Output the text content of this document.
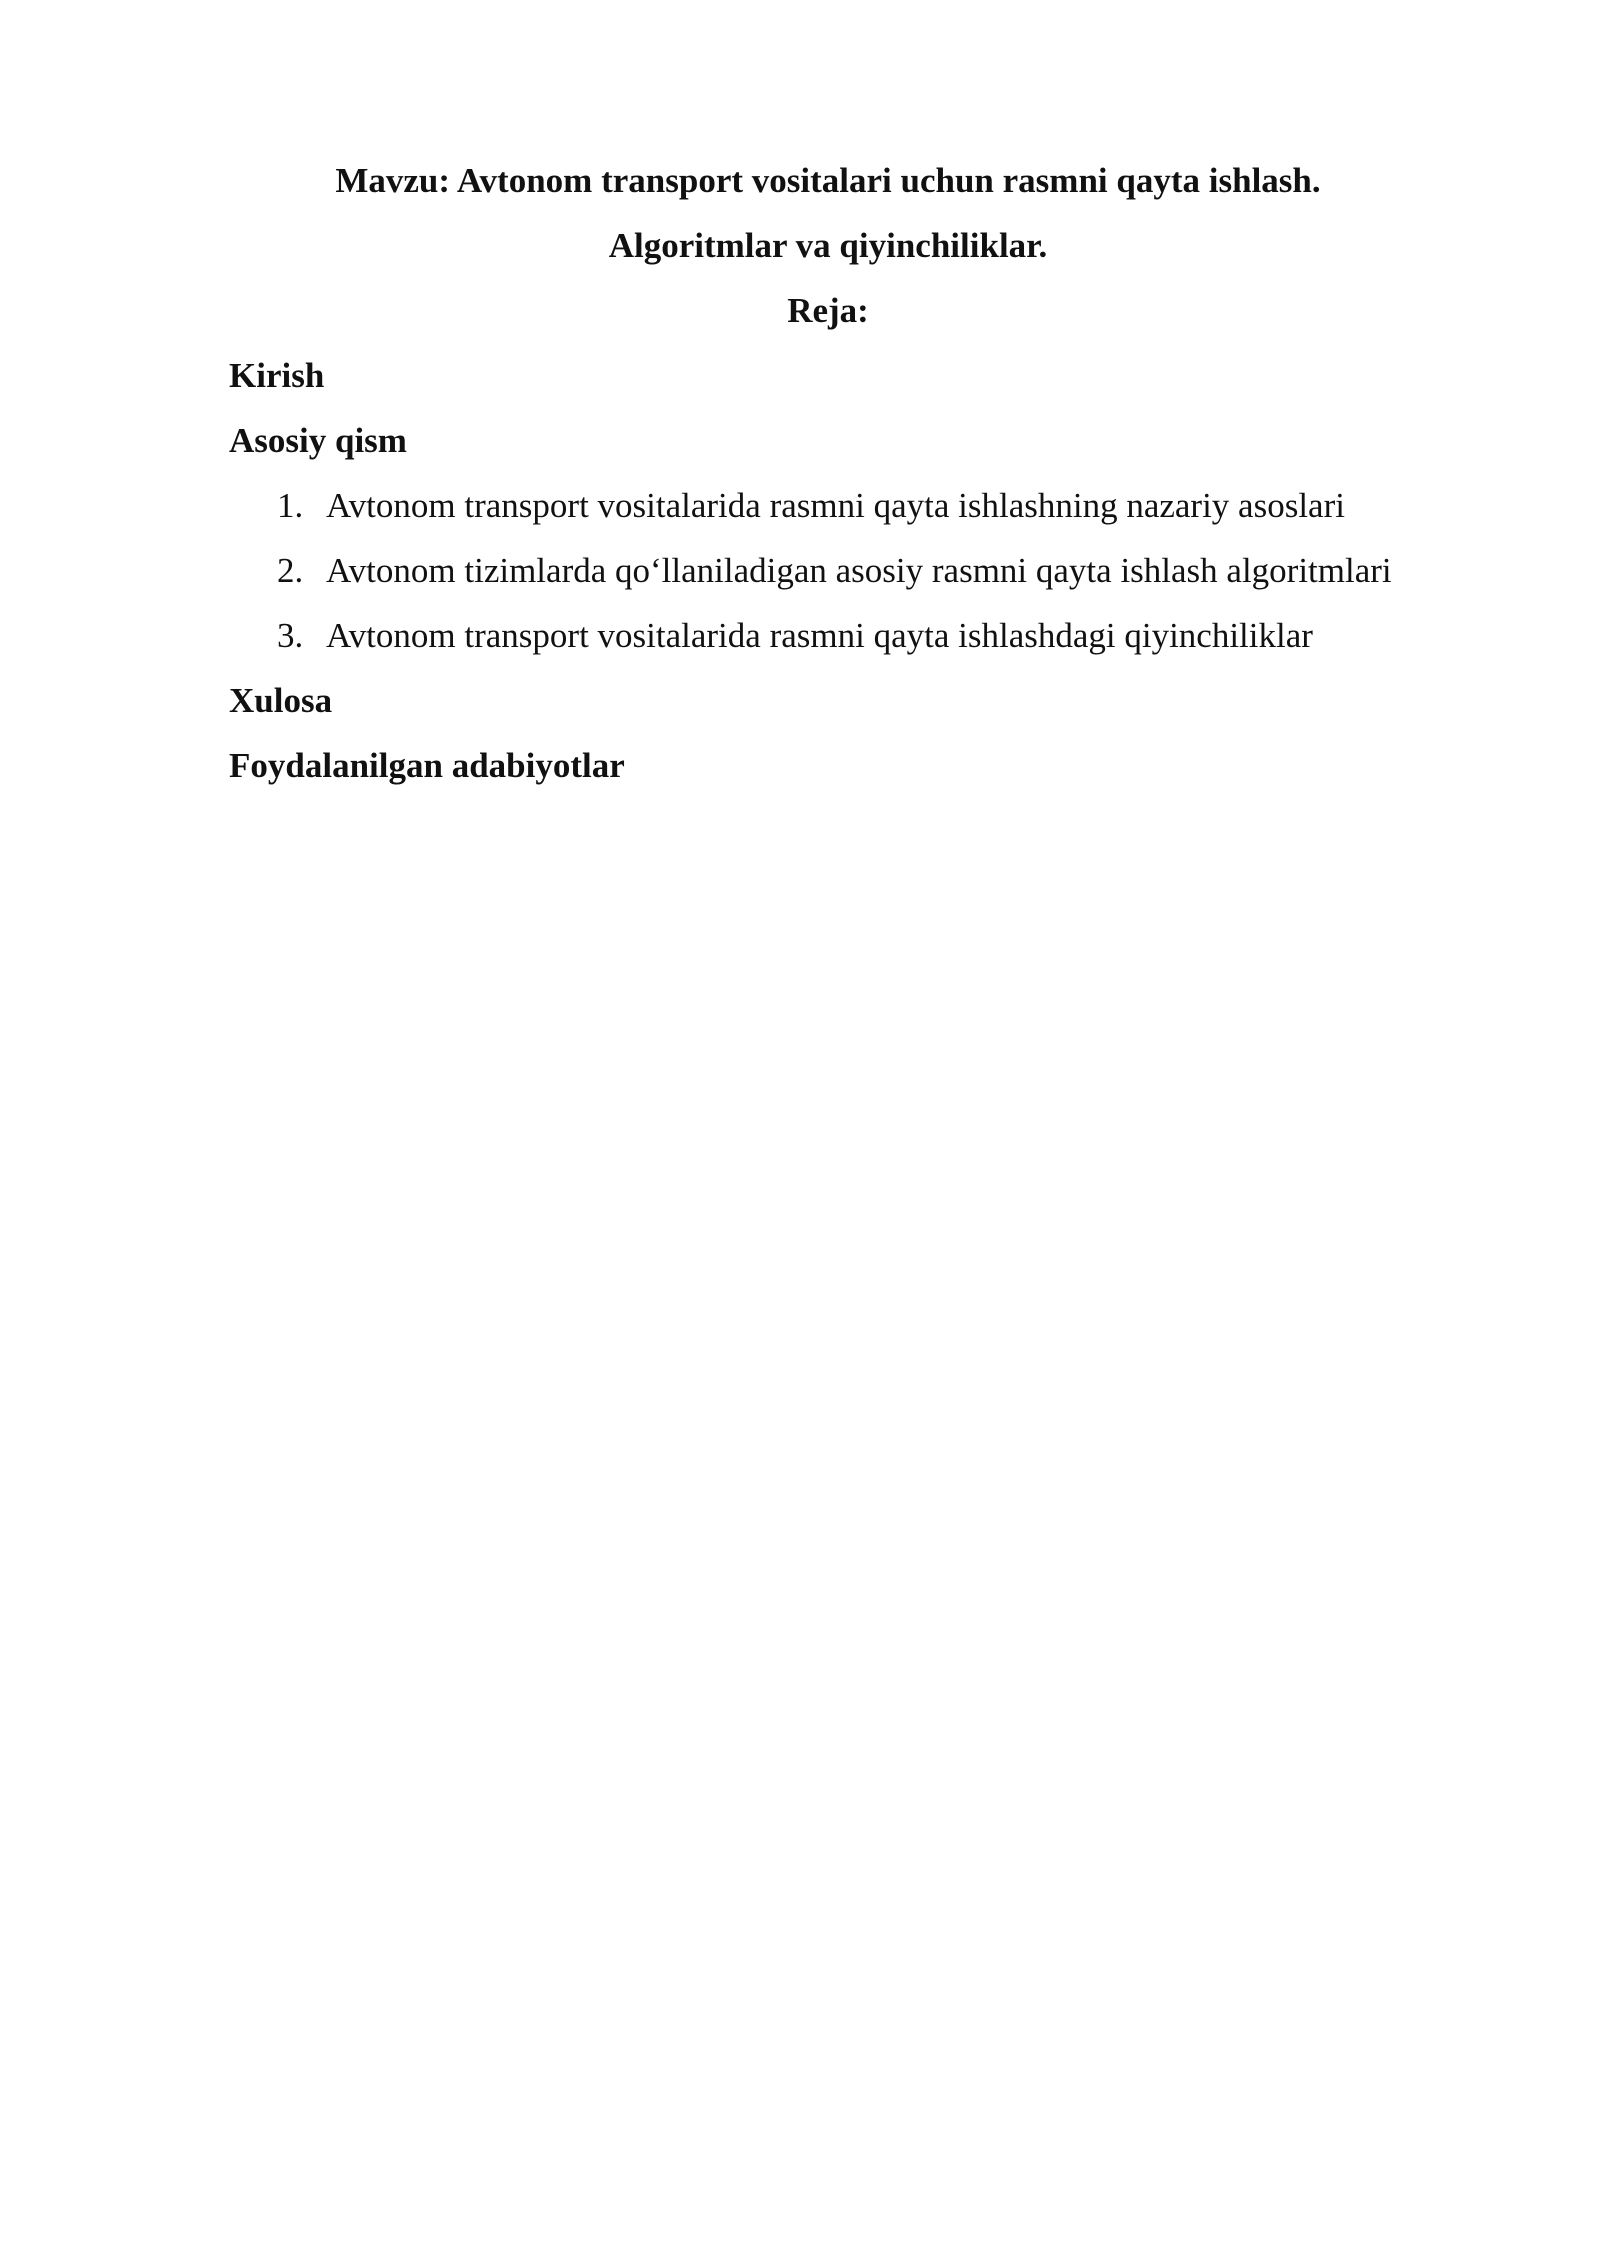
Mavzu: Avtonom transport vositalari uchun rasmni qayta ishlash.
Algoritmlar va qiyinchiliklar.
Reja:
Kirish
Asosiy qism
1. Avtonom transport vositalarida rasmni qayta ishlashning nazariy asoslari
2. Avtonom tizimlarda qo‘llaniladigan asosiy rasmni qayta ishlash algoritmlari
3. Avtonom transport vositalarida rasmni qayta ishlashdagi qiyinchiliklar
Xulosa
Foydalanilgan adabiyotlar
